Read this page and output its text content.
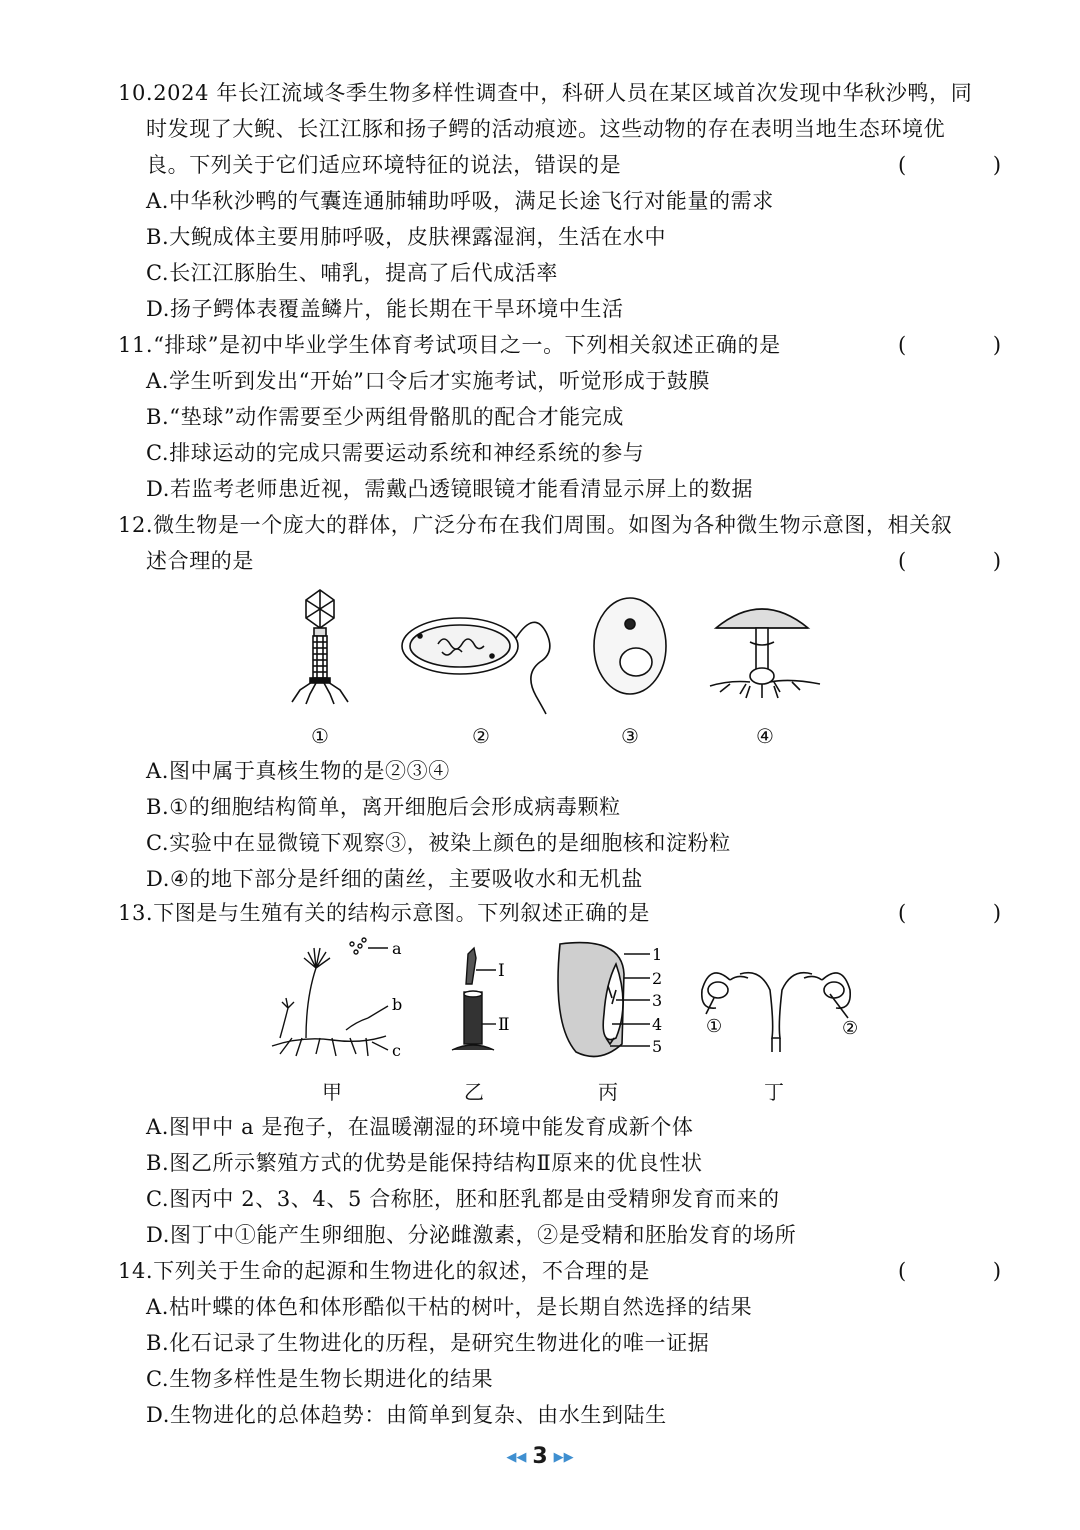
10.2024 年长江流域冬季生物多样性调查中，科研人员在某区域首次发现中华秋沙鸭，同
时发现了大鲵、长江江豚和扬子鳄的活动痕迹。这些动物的存在表明当地生态环境优
良。下列关于它们适应环境特征的说法，错误的是	( )
A.中华秋沙鸭的气囊连通肺辅助呼吸，满足长途飞行对能量的需求
B.大鲵成体主要用肺呼吸，皮肤裸露湿润，生活在水中
C.长江江豚胎生、哺乳，提高了后代成活率
D.扬子鳄体表覆盖鳞片，能长期在干旱环境中生活
11.“排球”是初中毕业学生体育考试项目之一。下列相关叙述正确的是	( )
A.学生听到发出“开始”口令后才实施考试，听觉形成于鼓膜
B.“垫球”动作需要至少两组骨骼肌的配合才能完成
C.排球运动的完成只需要运动系统和神经系统的参与
D.若监考老师患近视，需戴凸透镜眼镜才能看清显示屏上的数据
12.微生物是一个庞大的群体，广泛分布在我们周围。如图为各种微生物示意图，相关叙
述合理的是	( )
①	②	③	④
A.图中属于真核生物的是②③④
B.①的细胞结构简单，离开细胞后会形成病毒颗粒
C.实验中在显微镜下观察③，被染上颜色的是细胞核和淀粉粒
D.④的地下部分是纤细的菌丝，主要吸收水和无机盐
13.下图是与生殖有关的结构示意图。下列叙述正确的是	( )
a
b
c
Ⅰ
Ⅱ
1
2
3
4
5
①	②
甲	乙	丙	丁
A.图甲中 a 是孢子，在温暖潮湿的环境中能发育成新个体
B.图乙所示繁殖方式的优势是能保持结构Ⅱ原来的优良性状
C.图丙中 2、3、4、5 合称胚，胚和胚乳都是由受精卵发育而来的
D.图丁中①能产生卵细胞、分泌雌激素，②是受精和胚胎发育的场所
14.下列关于生命的起源和生物进化的叙述，不合理的是	( )
A.枯叶蝶的体色和体形酷似干枯的树叶，是长期自然选择的结果
B.化石记录了生物进化的历程，是研究生物进化的唯一证据
C.生物多样性是生物长期进化的结果
D.生物进化的总体趋势：由简单到复杂、由水生到陆生
◀◀ 3 ▶▶
